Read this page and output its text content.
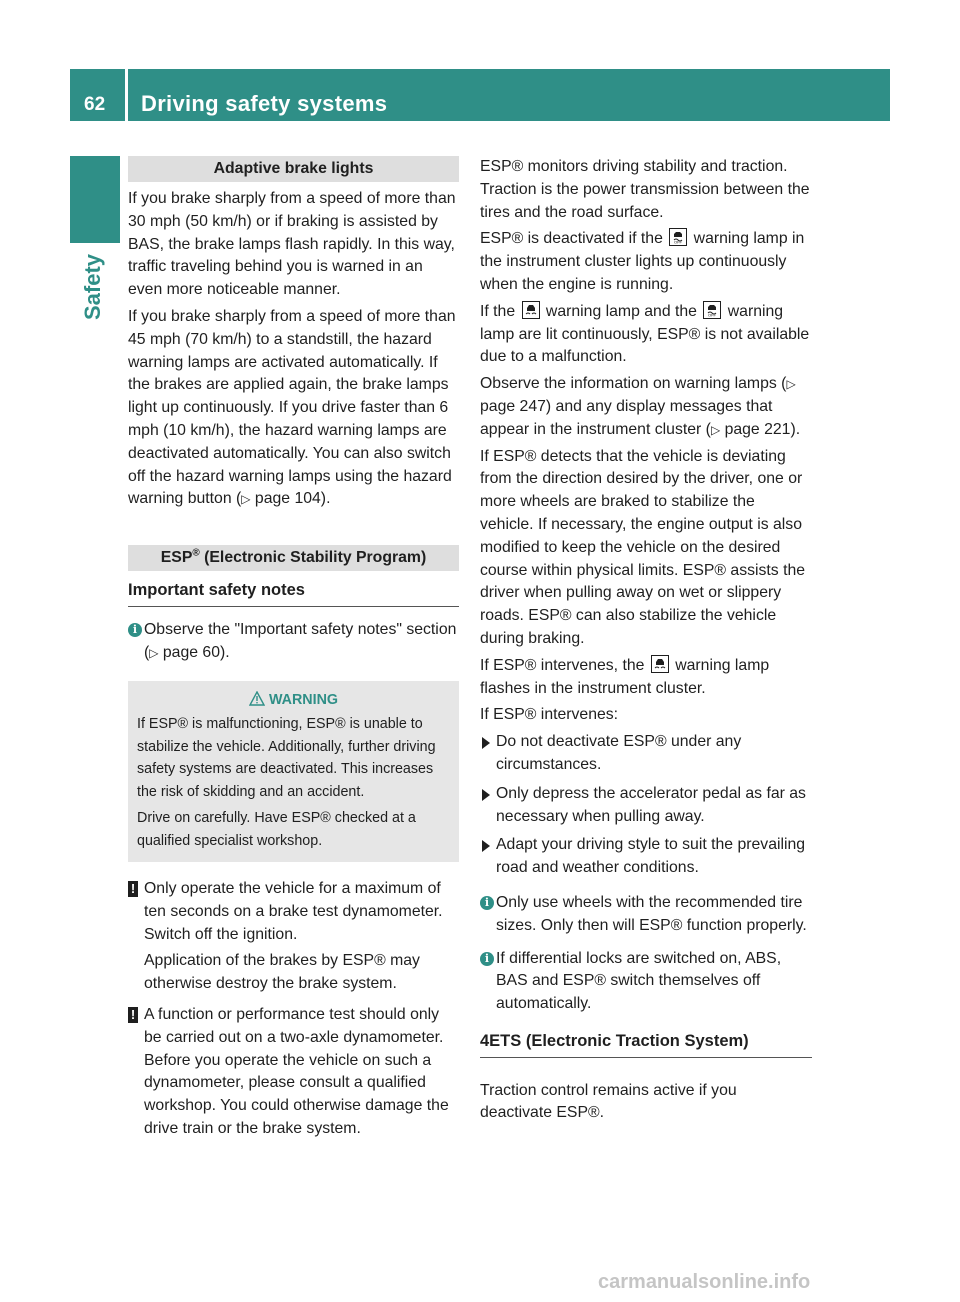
62 Driving safety systems
Safety
Adaptive brake lights

If you brake sharply from a speed of more than 30 mph (50 km/h) or if braking is assisted by BAS, the brake lamps flash rapidly. In this way, traffic traveling behind you is warned in an even more noticeable manner.

If you brake sharply from a speed of more than 45 mph (70 km/h) to a standstill, the hazard warning lamps are activated automatically. If the brakes are applied again, the brake lamps light up continuously. If you drive faster than 6 mph (10 km/h), the hazard warning lamps are deactivated automatically. You can also switch off the hazard warning lamps using the hazard warning button (▷ page 104).

ESP® (Electronic Stability Program)
Important safety notes
i Observe the "Important safety notes" section (▷ page 60).
WARNING

If ESP® is malfunctioning, ESP® is unable to stabilize the vehicle. Additionally, further driving safety systems are deactivated. This increases the risk of skidding and an accident.

Drive on carefully. Have ESP® checked at a qualified specialist workshop.

! Only operate the vehicle for a maximum of ten seconds on a brake test dynamometer. Switch off the ignition.

Application of the brakes by ESP® may otherwise destroy the brake system.

! A function or performance test should only be carried out on a two-axle dynamometer. Before you operate the vehicle on such a dynamometer, please consult a qualified workshop. You could otherwise damage the drive train or the brake system.

ESP® monitors driving stability and traction. Traction is the power transmission between the tires and the road surface.

ESP® is deactivated if the	OFF warning lamp in the instrument cluster lights up continuously when the engine is running.

If the warning lamp and the	OFF warning lamp are lit continuously, ESP® is not available due to a malfunction.

Observe the information on warning lamps (▷ page 247) and any display messages that appear in the instrument cluster (▷ page 221).

If ESP® detects that the vehicle is deviating from the direction desired by the driver, one or more wheels are braked to stabilize the vehicle. If necessary, the engine output is also modified to keep the vehicle on the desired course within physical limits. ESP® assists the driver when pulling away on wet or slippery roads. ESP® can also stabilize the vehicle during braking.

If ESP® intervenes, the warning lamp flashes in the instrument cluster.

If ESP® intervenes:

Do not deactivate ESP® under any circumstances.
Only depress the accelerator pedal as far as necessary when pulling away.
Adapt your driving style to suit the prevailing road and weather conditions.
i Only use wheels with the recommended tire sizes. Only then will ESP® function properly.
i If differential locks are switched on, ABS, BAS and ESP® switch themselves off automatically.
4ETS (Electronic Traction System)

Traction control remains active if you deactivate ESP®.

carmanualsonline.info
